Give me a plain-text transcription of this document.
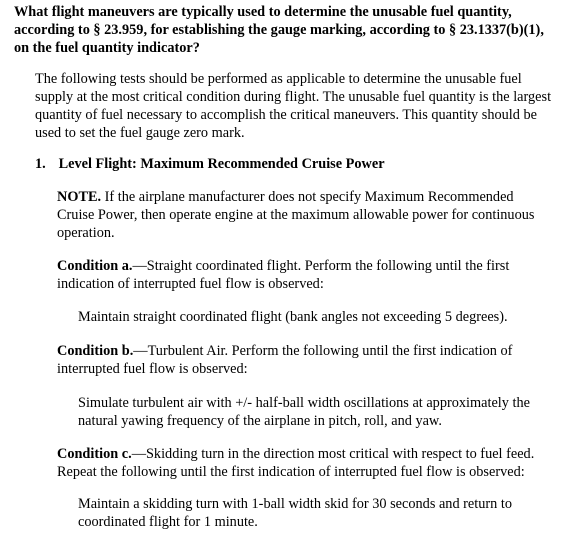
What flight maneuvers are typically used to determine the unusable fuel quantity, according to § 23.959, for establishing the gauge marking, according to § 23.1337(b)(1), on the fuel quantity indicator?

The following tests should be performed as applicable to determine the unusable fuel supply at the most critical condition during flight. The unusable fuel quantity is the largest quantity of fuel necessary to accomplish the critical maneuvers. This quantity should be used to set the fuel gauge zero mark.

1. Level Flight: Maximum Recommended Cruise Power

NOTE. If the airplane manufacturer does not specify Maximum Recommended Cruise Power, then operate engine at the maximum allowable power for continuous operation.

Condition a.—Straight coordinated flight. Perform the following until the first indication of interrupted fuel flow is observed:

Maintain straight coordinated flight (bank angles not exceeding 5 degrees).

Condition b.—Turbulent Air. Perform the following until the first indication of interrupted fuel flow is observed:

Simulate turbulent air with +/- half-ball width oscillations at approximately the natural yawing frequency of the airplane in pitch, roll, and yaw.

Condition c.—Skidding turn in the direction most critical with respect to fuel feed. Repeat the following until the first indication of interrupted fuel flow is observed:

Maintain a skidding turn with 1-ball width skid for 30 seconds and return to coordinated flight for 1 minute.
